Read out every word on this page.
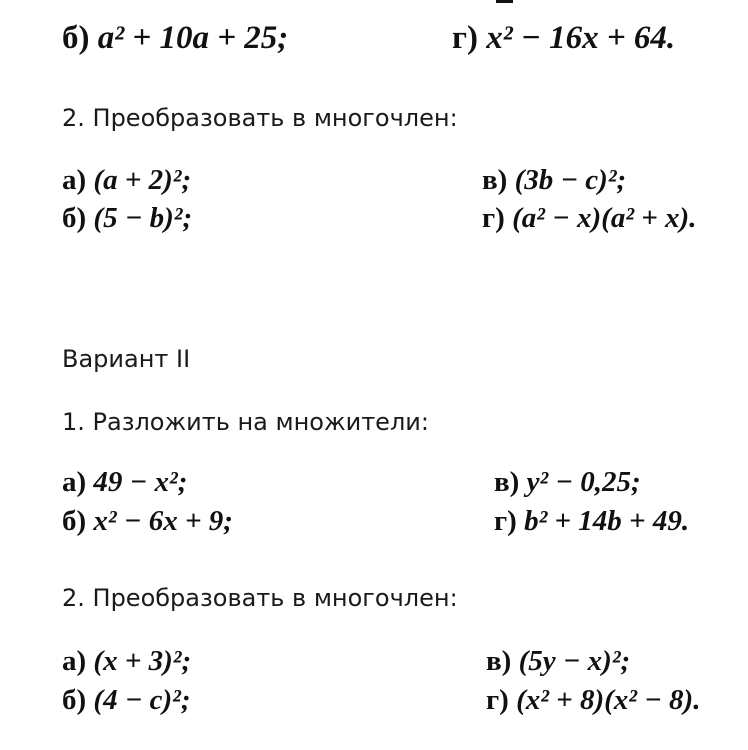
б) a² + 10a + 25;	г) x² − 16x + 64.
2. Преобразовать в многочлен:
а) (a + 2)²;	в) (3b − c)²;
б) (5 − b)²;	г) (a² − x)(a² + x).
Вариант II
1. Разложить на множители:
а) 49 − x²;	в) y² − 0,25;
б) x² − 6x + 9;	г) b² + 14b + 49.
2. Преобразовать в многочлен:
а) (x + 3)²;	в) (5y − x)²;
б) (4 − c)²;	г) (x² + 8)(x² − 8).
